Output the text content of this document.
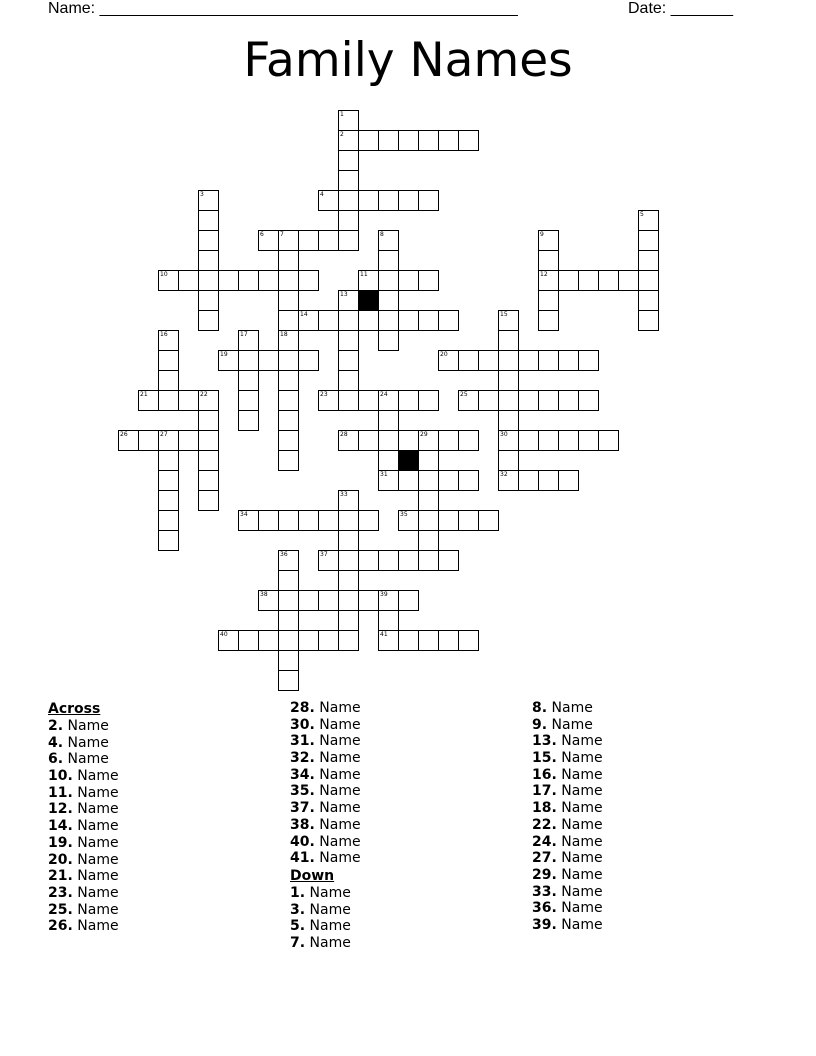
Name: _______________________________________________	Date: _______
Family Names
1
2
3	4
5
6	7	8	9
12
10	11
13
14	15
30
16	17	18
19	20
21	22	23	24	25
26	27	28	29
31	32
33
34	35
36	37
38	39
40	41
Across
2. Name
4. Name
6. Name
10. Name
11. Name
12. Name
14. Name
19. Name
20. Name
21. Name
23. Name
25. Name
26. Name
28. Name
30. Name
31. Name
32. Name
34. Name
35. Name
37. Name
38. Name
40. Name
41. Name
Down
1. Name
3. Name
5. Name
7. Name
8. Name
9. Name
13. Name
15. Name
16. Name
17. Name
18. Name
22. Name
24. Name
27. Name
29. Name
33. Name
36. Name
39. Name
